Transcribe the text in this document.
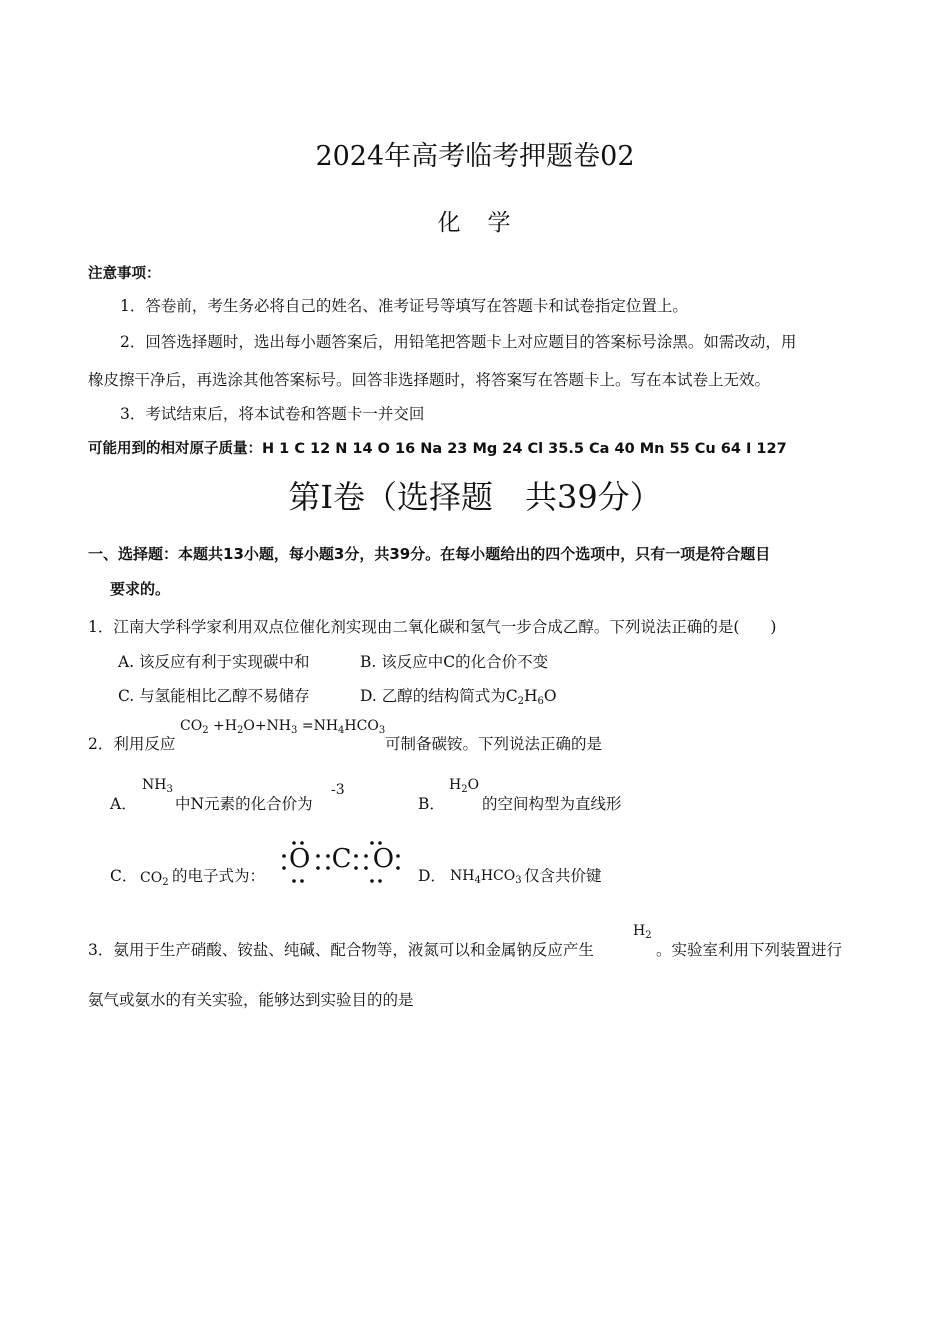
2024年高考临考押题卷02
化　学
注意事项：
1．答卷前，考生务必将自己的姓名、准考证号等填写在答题卡和试卷指定位置上。
2．回答选择题时，选出每小题答案后，用铅笔把答题卡上对应题目的答案标号涂黑。如需改动，用
橡皮擦干净后，再选涂其他答案标号。回答非选择题时，将答案写在答题卡上。写在本试卷上无效。
3．考试结束后，将本试卷和答题卡一并交回
可能用到的相对原子质量：H 1 C 12 N 14 O 16 Na 23 Mg 24 Cl 35.5 Ca 40 Mn 55 Cu 64 I 127
第Ⅰ卷（选择题　共39分）
一、选择题：本题共13小题，每小题3分，共39分。在每小题给出的四个选项中，只有一项是符合题目
要求的。
1．江南大学科学家利用双点位催化剂实现由二氧化碳和氢气一步合成乙醇。下列说法正确的是(　　)
A. 该反应有利于实现碳中和	B. 该反应中C的化合价不变
C. 与氢能相比乙醇不易储存	D. 乙醇的结构简式为$C_2H_6O$
2．利用反应
$CO_2 +H_2O+NH_3 =NH_4HCO_3$
可制备碳铵。下列说法正确的是
A．
$NH_3$
中N元素的化合价为
-3
B．
$H_2O$
的空间构型为直线形
C． $CO_2$ 的电子式为：
O C O
D． $NH_4HCO_3$ 仅含共价键
3．氨用于生产硝酸、铵盐、纯碱、配合物等，液氮可以和金属钠反应产生
$H_2$
。实验室利用下列装置进行
氨气或氨水的有关实验，能够达到实验目的的是
